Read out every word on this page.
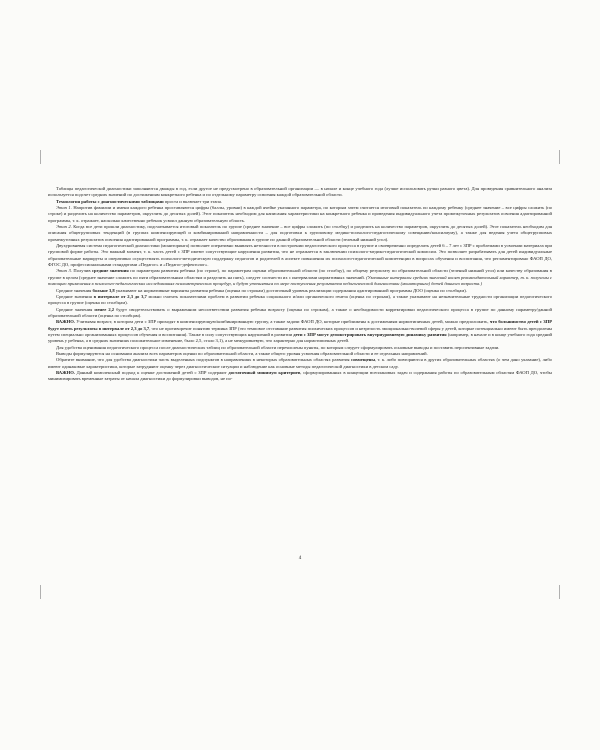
Таблицы педагогической диагностики заполняются дважды в год, если другое не предусмотрено в образовательной организации — в начале и конце учебного года (лучше использовать ручки разного цвета). Для проведения сравнительного анализа используется подсчет средних значений по достижениям конкретного ребенка и по отдельному параметру освоения каждой образовательной области.

Технология работы с диагностическими таблицами проста и включает три этапа.

Этап 1. Напротив фамилии и имени каждого ребенка проставляются цифры (баллы, уровни) в каждой ячейке указанного параметра, по которым затем считается итоговый показатель по каждому ребенку (среднее значение – все цифры сложить (по строке) и разделить на количество параметров, округлить до десятых долей). Этот показатель необходим для написания характеристики на конкретного ребенка и проведения индивидуального учета промежуточных результатов освоения адаптированной программы, т. к. отражает, насколько качественно ребенок усвоил данную образовательную область.

Этап 2. Когда все дети прошли диагностику, подсчитывается итоговый показатель по группе (среднее значение – все цифры сложить (по столбцу) и разделить на количество параметров, округлить до десятых долей). Этот показатель необходим для описания общегрупповых тенденций (в группах компенсирующей и комбинированной направленности – для подготовки к групповому медико-психолого-педагогическому совещанию/консилиуму), а также для ведения учета общегрупповых промежуточных результатов освоения адаптированной программы, т. к. отражает качество образования в группе по данной образовательной области (зеленый нижний угол).

Двухуровневая система педагогической диагностики (мониторинга) позволяет оперативно выявлять неточности в построении педагогического процесса в группе и своевременно определить детей 6 – 7 лет с ЗПР с проблемами в усвоении материала при групповой форме работы. Это важный момент, т. к. часть детей с ЗПР имеют сопутствующие нарушения развития, что не отражается в заключении психолого-медико-педагогической комиссии. Это позволяет разрабатывать для детей индивидуальные образовательные маршруты и оперативно осуществлять психолого-методическую поддержку педагогов и родителей в аспекте повышения их психолого-педагогической компетенции в вопросах обучения и воспитания, что регламентировано ФАОП ДО, ФГОС ДО, профессиональными стандартами «Педагог» и «Педагог-дефектолог».

Этап 3. Получив средние значения по параметрам развития ребенка (по строке), по параметрам оценки образовательной области (по столбцу), по общему результату по образовательной области (зеленый нижний угол) или качеству образования в группе в целом (среднее значение сложить по пяти образовательным областям и разделить на пять), следует соотнести их с интервалами нормативных значений. (Указанные интервалы средних значений носят рекомендательный характер, т. к. получены с помощью применения в психолого-педагогических исследованиях психометрических процедур, и будут уточняться по мере поступления результатов педагогической диагностики (мониторинга) детей данного возраста.)

Средние значения больше 3,8 указывают на нормативные варианты развития ребенка (оценка по строкам) достаточный уровень реализации содержания адаптированной программы ДОО (оценка по столбцам).

Средние значения в интервале от 2,3 до 3,7 можно считать показателями проблем в развитии ребенка социального и/или органического генеза (оценка по строкам), а также указывают на незначительные трудности организации педагогического процесса в группе (оценка по столбцам).

Средние значения менее 2,2 будут свидетельствовать о выраженном несоответствии развития ребенка возрасту (оценка по строкам), а также о необходимости корректировки педагогического процесса в группе по данному параметру/данной образовательной области (оценка по столбцам).

ВАЖНО. Учитывая возраст, в котором дети с ЗПР приходят в компенсирующую/комбинированную группу, а также задачи ФАОП ДО, которые приближены к достижениям нормотипичных детей, можно предположить, что большинство детей с ЗПР будут иметь результаты в интервале от 2,3 до 3,7, что не противоречит понятию термина ЗПР (это темповое отставание развития психических процессов и незрелость эмоционально-волевой сферы у детей, которые потенциально имеют быть преодолены путем специально организованных процессов обучения и воспитания). Также в силу сопутствующих нарушений в развитии дети с ЗПР могут демонстрировать внутриуровневую динамику развития (например, в начале и в конце учебного года средний уровень у ребенка, а в средних значениях положительное изменение, было 2,5, стало 3,1), а не межуровневую, что характерно для нормотипичных детей.

Для удобства оценивания педагогического процесса после диагностических таблиц по образовательной области перечислены пункты, по которым следует сформулировать основные выводы и поставить перспективные задачи.

Выводы формулируются на основании анализа всех параметров оценки по образовательной области, а также общего уровня усвоения образовательной области и ее отдельных направлений.

Обратите внимание, что для удобства диагностики часть выделенных подпунктов в направлениях в некоторых образовательных областях развития совмещены, т. к. либо повторяются в других образовательных областях (о чем дано указание), либо имеют одинаковые характеристики, которые затрудняют оценку через диагностические ситуации и наблюдение как основные методы педагогической диагностики в детском саду.

ВАЖНО. Данный комплексный подход к оценке достижений детей с ЗПР содержит достаточный минимум критериев, сформулированных в концепции всеплановых задач и содержания работы по образовательным областям ФАОП ДО, чтобы минимизировать временные затраты от начала диагностики до формулировки выводов, не по-

4
